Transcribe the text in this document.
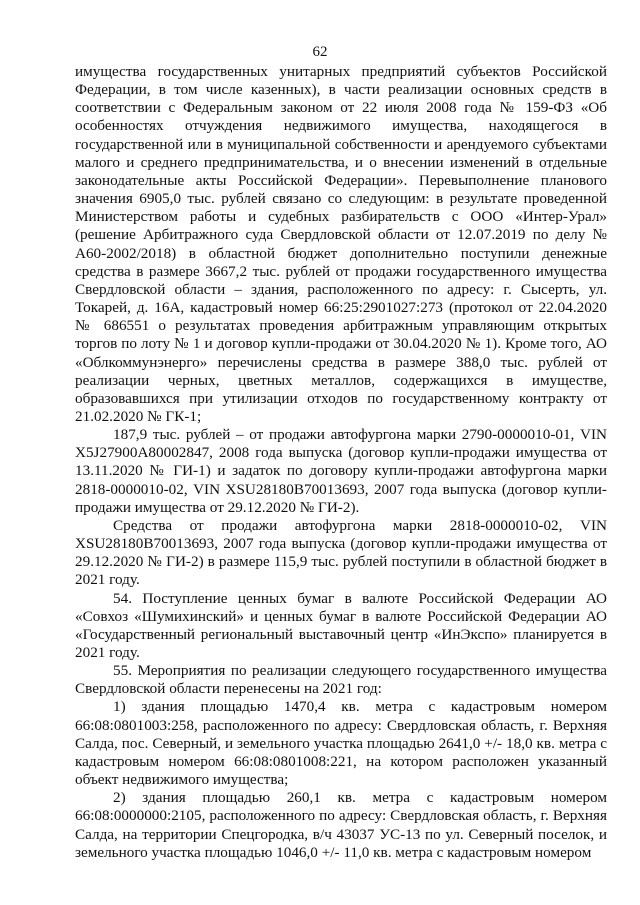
62

имущества государственных унитарных предприятий субъектов Российской Федерации, в том числе казенных), в части реализации основных средств в соответствии с Федеральным законом от 22 июля 2008 года № 159-ФЗ «Об особенностях отчуждения недвижимого имущества, находящегося в государственной или в муниципальной собственности и арендуемого субъектами малого и среднего предпринимательства, и о внесении изменений в отдельные законодательные акты Российской Федерации». Перевыполнение планового значения 6905,0 тыс. рублей связано со следующим: в результате проведенной Министерством работы и судебных разбирательств с ООО «Интер-Урал» (решение Арбитражного суда Свердловской области от 12.07.2019 по делу № А60-2002/2018) в областной бюджет дополнительно поступили денежные средства в размере 3667,2 тыс. рублей от продажи государственного имущества Свердловской области – здания, расположенного по адресу: г. Сысерть, ул. Токарей, д. 16А, кадастровый номер 66:25:2901027:273 (протокол от 22.04.2020 № 686551 о результатах проведения арбитражным управляющим открытых торгов по лоту № 1 и договор купли-продажи от 30.04.2020 № 1). Кроме того, АО «Облкоммунэнерго» перечислены средства в размере 388,0 тыс. рублей от реализации черных, цветных металлов, содержащихся в имуществе, образовавшихся при утилизации отходов по государственному контракту от 21.02.2020 № ГК-1;

187,9 тыс. рублей – от продажи автофургона марки 2790-0000010-01, VIN X5J27900A80002847, 2008 года выпуска (договор купли-продажи имущества от 13.11.2020 № ГИ-1) и задаток по договору купли-продажи автофургона марки 2818-0000010-02, VIN XSU28180B70013693, 2007 года выпуска (договор купли-продажи имущества от 29.12.2020 № ГИ-2).

Средства от продажи автофургона марки 2818-0000010-02, VIN XSU28180B70013693, 2007 года выпуска (договор купли-продажи имущества от 29.12.2020 № ГИ-2) в размере 115,9 тыс. рублей поступили в областной бюджет в 2021 году.

54. Поступление ценных бумаг в валюте Российской Федерации АО «Совхоз «Шумихинский» и ценных бумаг в валюте Российской Федерации АО «Государственный региональный выставочный центр «ИнЭкспо» планируется в 2021 году.

55. Мероприятия по реализации следующего государственного имущества Свердловской области перенесены на 2021 год:

1) здания площадью 1470,4 кв. метра с кадастровым номером 66:08:0801003:258, расположенного по адресу: Свердловская область, г. Верхняя Салда, пос. Северный, и земельного участка площадью 2641,0 +/- 18,0 кв. метра с кадастровым номером 66:08:0801008:221, на котором расположен указанный объект недвижимого имущества;

2) здания площадью 260,1 кв. метра с кадастровым номером 66:08:0000000:2105, расположенного по адресу: Свердловская область, г. Верхняя Салда, на территории Спецгородка, в/ч 43037 УС-13 по ул. Северный поселок, и земельного участка площадью 1046,0 +/- 11,0 кв. метра с кадастровым номером
